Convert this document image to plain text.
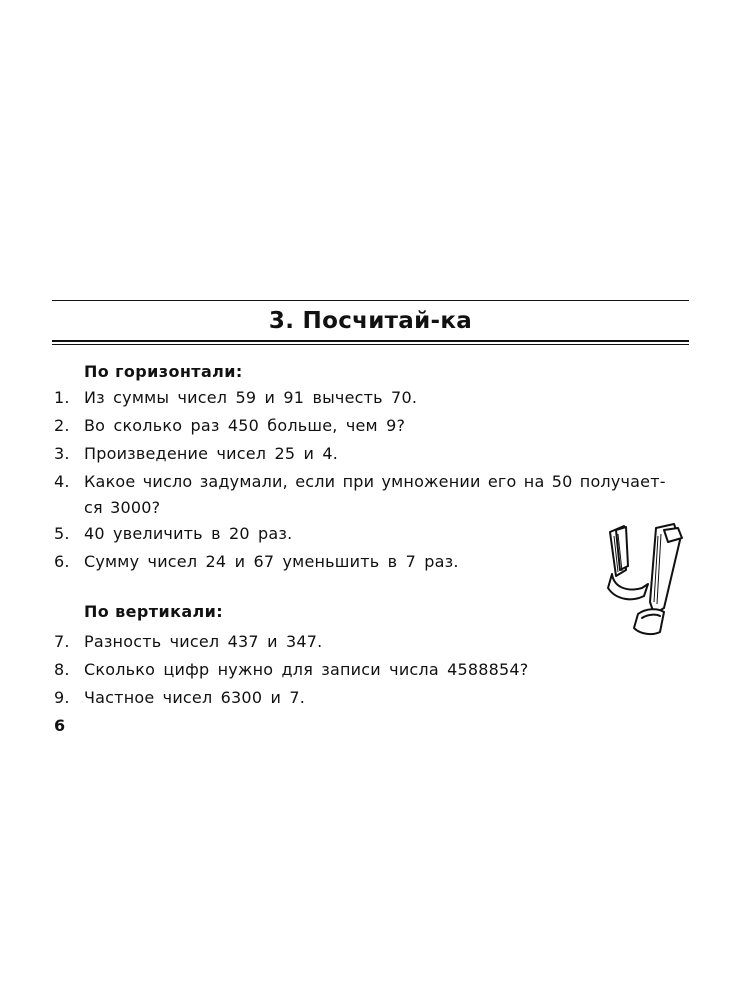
3. Посчитай-ка
По горизонтали:
1. Из суммы чисел 59 и 91 вычесть 70.
2. Во сколько раз 450 больше, чем 9?
3. Произведение чисел 25 и 4.
4. Какое число задумали, если при умножении его на 50 получает-ся 3000?
5. 40 увеличить в 20 раз.
6. Сумму чисел 24 и 67 уменьшить в 7 раз.
По вертикали:
7. Разность чисел 437 и 347.
8. Сколько цифр нужно для записи числа 4588854?
9. Частное чисел 6300 и 7.
6
